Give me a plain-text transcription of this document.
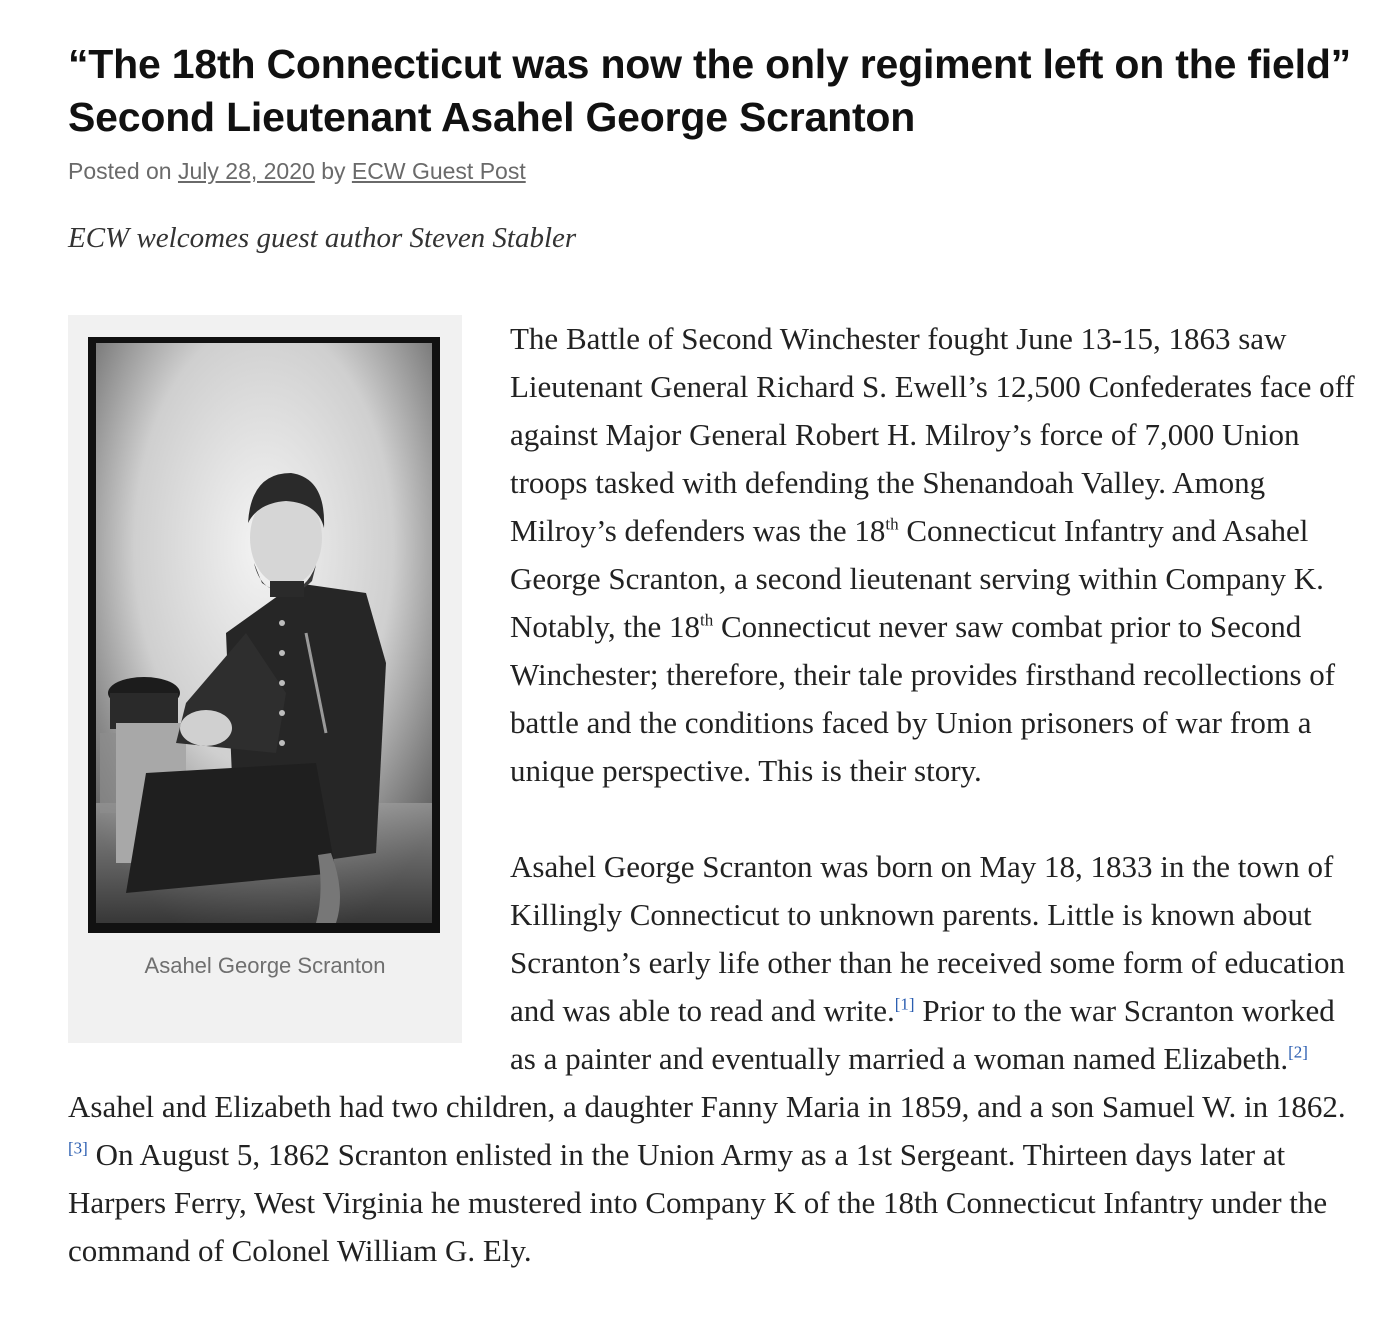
“The 18th Connecticut was now the only regiment left on the field” Second Lieutenant Asahel George Scranton
Posted on July 28, 2020 by ECW Guest Post
ECW welcomes guest author Steven Stabler
Asahel George Scranton

The Battle of Second Winchester fought June 13-15, 1863 saw Lieutenant General Richard S. Ewell’s 12,500 Confederates face off against Major General Robert H. Milroy’s force of 7,000 Union troops tasked with defending the Shenandoah Valley. Among Milroy’s defenders was the 18th Connecticut Infantry and Asahel George Scranton, a second lieutenant serving within Company K. Notably, the 18th Connecticut never saw combat prior to Second Winchester; therefore, their tale provides firsthand recollections of battle and the conditions faced by Union prisoners of war from a unique perspective. This is their story.

Asahel George Scranton was born on May 18, 1833 in the town of Killingly Connecticut to unknown parents. Little is known about Scranton’s early life other than he received some form of education and was able to read and write.[1] Prior to the war Scranton worked as a painter and eventually married a woman named Elizabeth.[2] Asahel and Elizabeth had two children, a daughter Fanny Maria in 1859, and a son Samuel W. in 1862.[3] On August 5, 1862 Scranton enlisted in the Union Army as a 1st Sergeant. Thirteen days later at Harpers Ferry, West Virginia he mustered into Company K of the 18th Connecticut Infantry under the command of Colonel William G. Ely.
